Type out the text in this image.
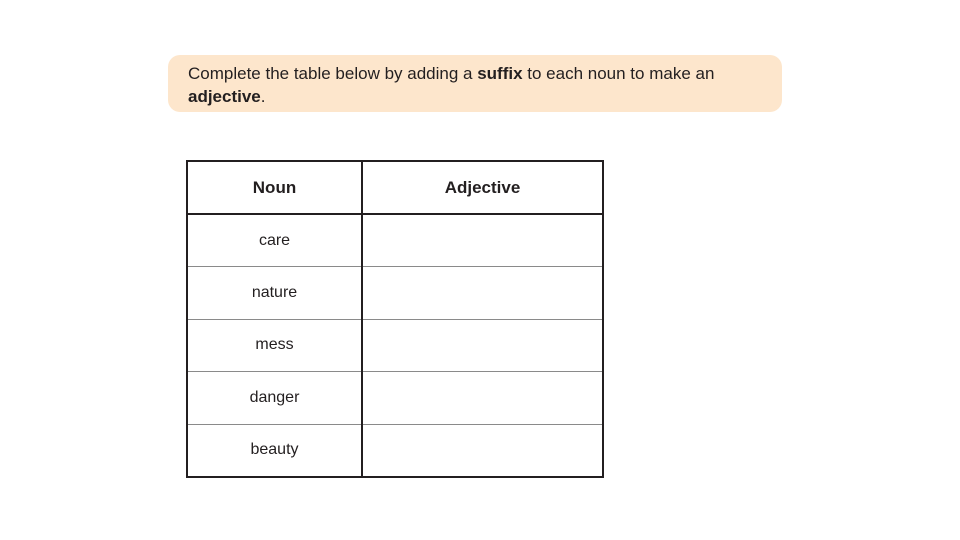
Complete the table below by adding a suffix to each noun to make an adjective.
Noun	Adjective
care	
nature	
mess	
danger	
beauty	
